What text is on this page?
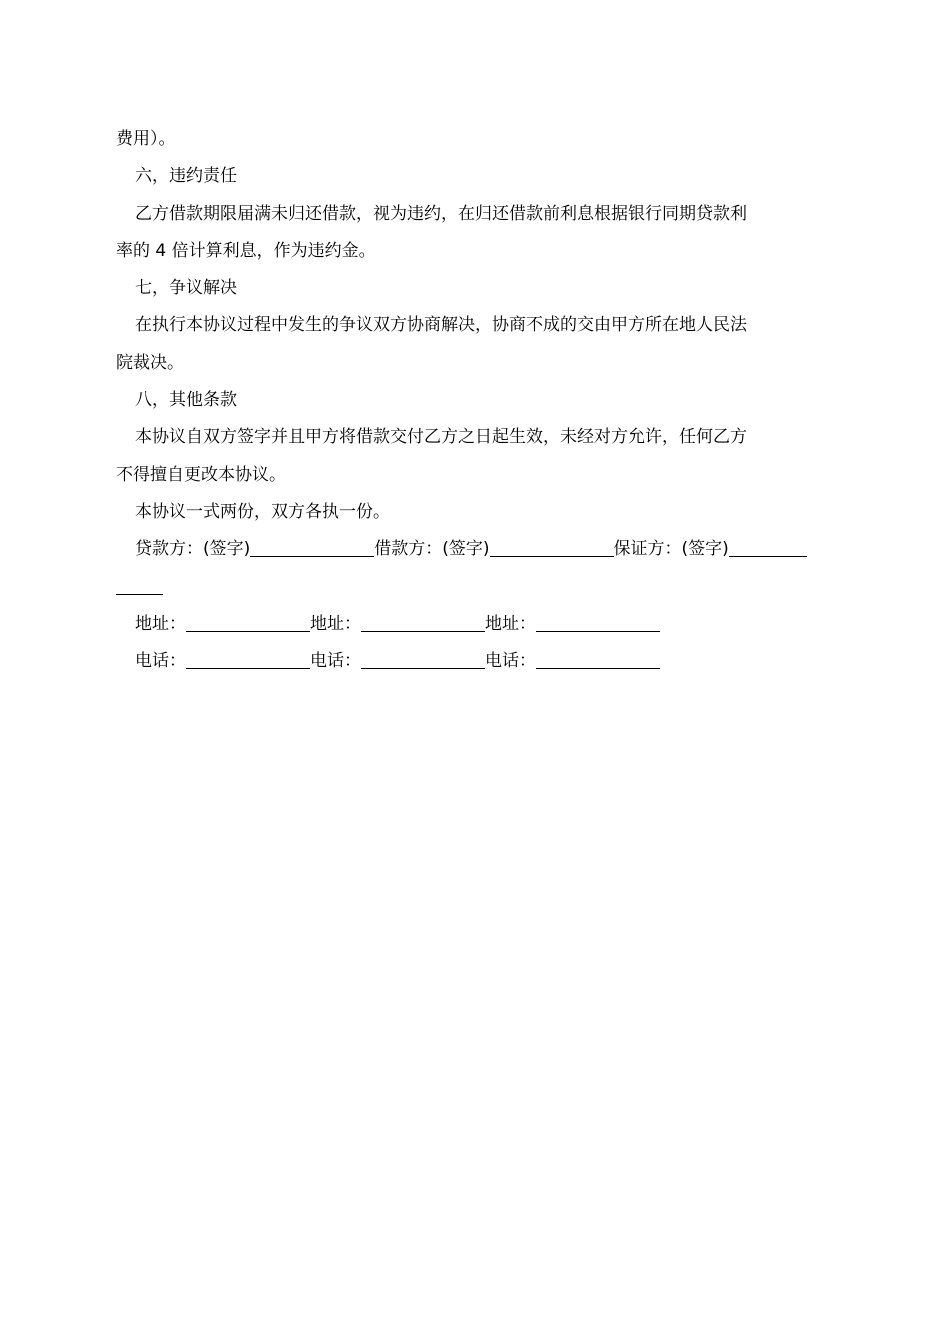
费用）。
六，违约责任
乙方借款期限届满未归还借款，视为违约，在归还借款前利息根据银行同期贷款利
率的 4 倍计算利息，作为违约金。
七，争议解决
在执行本协议过程中发生的争议双方协商解决，协商不成的交由甲方所在地人民法
院裁决。
八，其他条款
本协议自双方签字并且甲方将借款交付乙方之日起生效，未经对方允许，任何乙方
不得擅自更改本协议。
本协议一式两份，双方各执一份。
贷款方：(签字)	借款方：(签字)	保证方：(签字)
地址：	地址：	地址：
电话：	电话：	电话：
